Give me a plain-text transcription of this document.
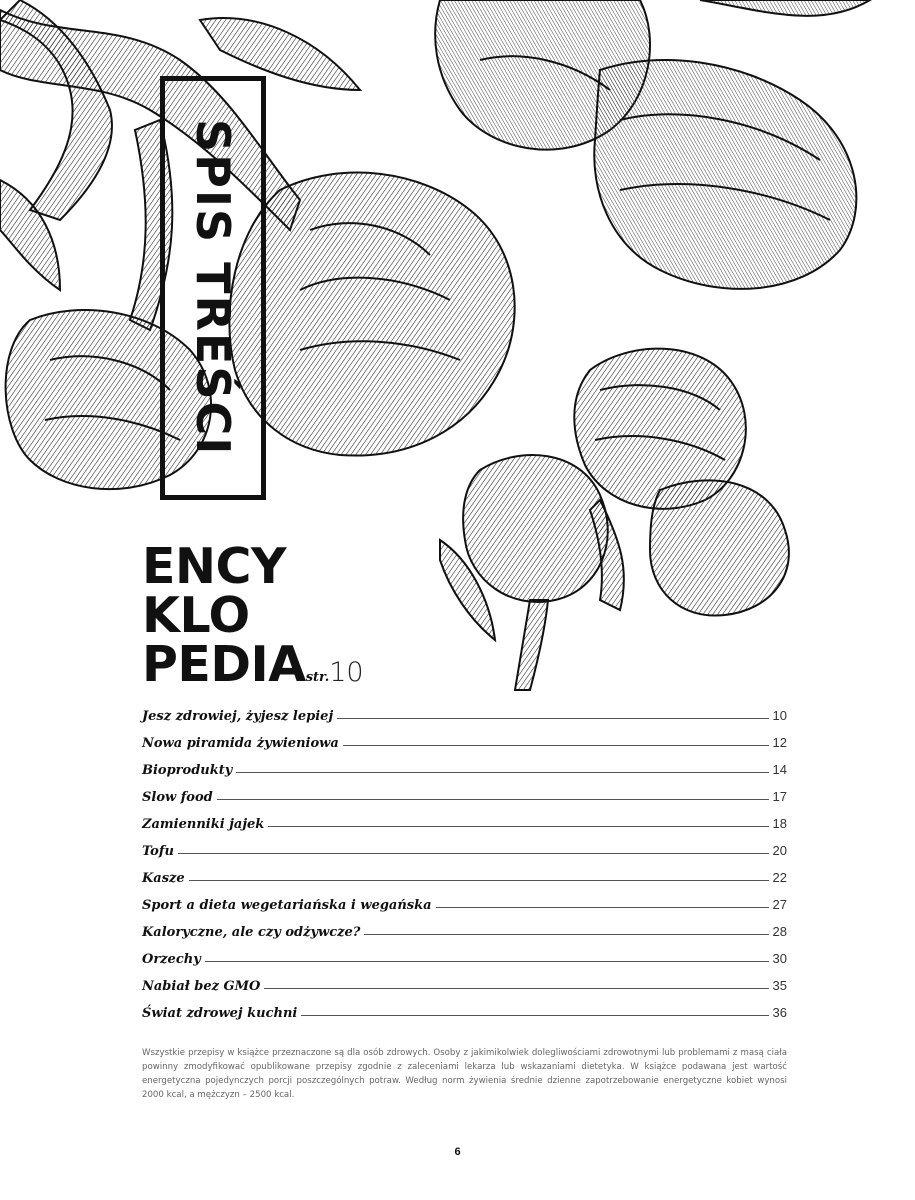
SPIS TREŚCI
ENCY
KLO
PEDIAstr.10
Jesz zdrowiej, żyjesz lepiej	10
Nowa piramida żywieniowa	12
Bioprodukty	14
Slow food	17
Zamienniki jajek	18
Tofu	20
Kasze	22
Sport a dieta wegetariańska i wegańska	27
Kaloryczne, ale czy odżywcze?	28
Orzechy	30
Nabiał bez GMO	35
Świat zdrowej kuchni	36
Wszystkie przepisy w książce przeznaczone są dla osób zdrowych. Osoby z jakimikolwiek dolegliwościami zdrowotnymi lub problemami z masą ciała powinny zmodyfikować opublikowane przepisy zgodnie z zaleceniami lekarza lub wskazaniami dietetyka. W książce podawana jest wartość energetyczna pojedynczych porcji poszczególnych potraw. Według norm żywienia średnie dzienne zapotrzebowanie energetyczne kobiet wynosi 2000 kcal, a mężczyzn – 2500 kcal.
6
